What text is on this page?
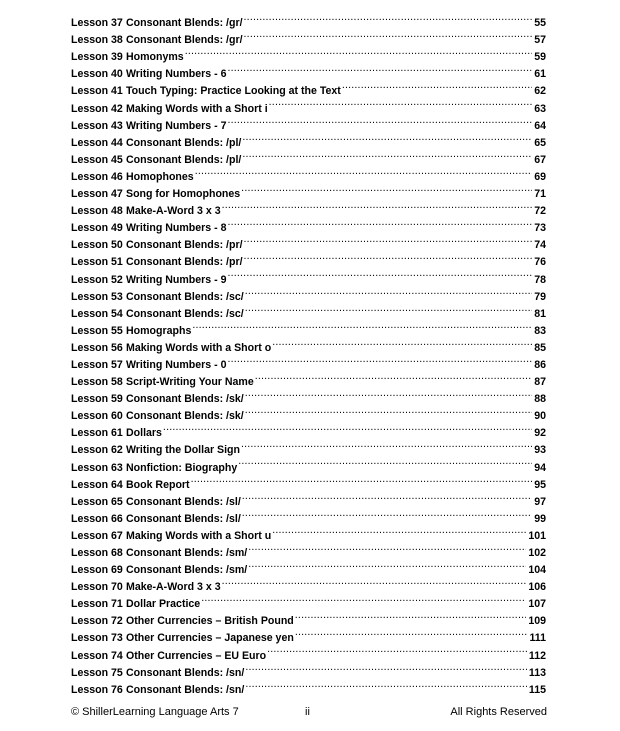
Lesson 37 Consonant Blends: /gr/ .....	55
Lesson 38 Consonant Blends: /gr/ .....	57
Lesson 39 Homonyms .....	59
Lesson 40 Writing Numbers - 6 .....	61
Lesson 41 Touch Typing: Practice Looking at the Text .....	62
Lesson 42 Making Words with a Short i .....	63
Lesson 43 Writing Numbers - 7 .....	64
Lesson 44 Consonant Blends: /pl/ .....	65
Lesson 45 Consonant Blends: /pl/ .....	67
Lesson 46 Homophones .....	69
Lesson 47 Song for Homophones .....	71
Lesson 48 Make-A-Word 3 x 3 .....	72
Lesson 49 Writing Numbers - 8 .....	73
Lesson 50 Consonant Blends: /pr/ .....	74
Lesson 51 Consonant Blends: /pr/ .....	76
Lesson 52 Writing Numbers - 9 .....	78
Lesson 53 Consonant Blends: /sc/ .....	79
Lesson 54 Consonant Blends: /sc/ .....	81
Lesson 55 Homographs .....	83
Lesson 56 Making Words with a Short o .....	85
Lesson 57 Writing Numbers - 0 .....	86
Lesson 58 Script-Writing Your Name .....	87
Lesson 59 Consonant Blends: /sk/ .....	88
Lesson 60 Consonant Blends: /sk/ .....	90
Lesson 61 Dollars .....	92
Lesson 62 Writing the Dollar Sign .....	93
Lesson 63 Nonfiction: Biography .....	94
Lesson 64 Book Report .....	95
Lesson 65 Consonant Blends: /sl/ .....	97
Lesson 66 Consonant Blends: /sl/ .....	99
Lesson 67 Making Words with a Short u .....	101
Lesson 68 Consonant Blends: /sm/ .....	102
Lesson 69 Consonant Blends: /sm/ .....	104
Lesson 70 Make-A-Word 3 x 3 .....	106
Lesson 71 Dollar Practice .....	107
Lesson 72 Other Currencies – British Pound .....	109
Lesson 73 Other Currencies – Japanese yen .....	111
Lesson 74 Other Currencies – EU Euro .....	112
Lesson 75 Consonant Blends: /sn/ .....	113
Lesson 76 Consonant Blends: /sn/ .....	115
© ShillerLearning Language Arts 7	ii	All Rights Reserved
